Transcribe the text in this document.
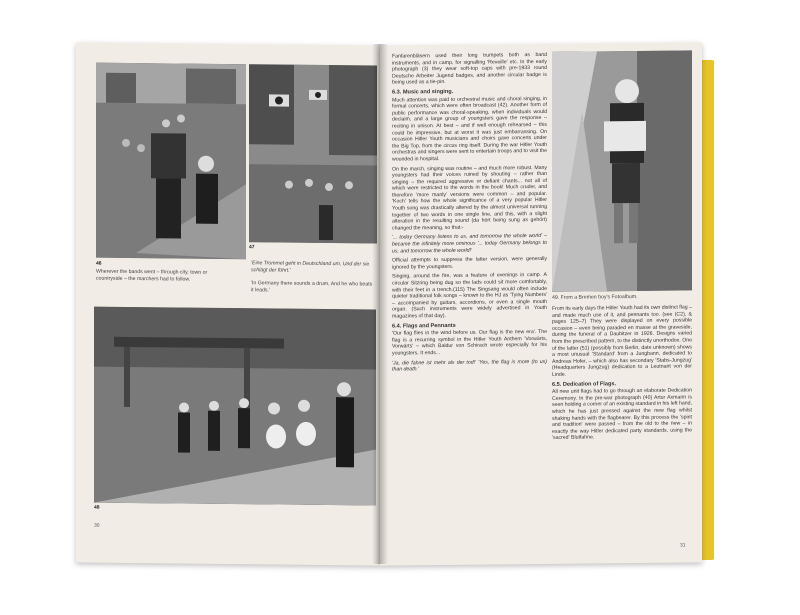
46
47
Wherever the bands went – through city, town or countryside – the marchers had to follow.
'Eine Trommel geht in Deutschland um, Und der sie schlägt der führt.'
'In Germany there sounds a drum, And he who beats it leads.'
48
30

Fanfarenbläsern used their long trumpets both as band instruments, and in camp, for signalling 'Reveille' etc. In the early photograph (3) they wear soft-top caps with pre-1933 round Deutsche Arbeiter Jugend badges, and another circular badge is being used as a tie-pin.

6.3. Music and singing.

Much attention was paid to orchestral music and choral singing, in formal concerts, which were often broadcast (42). Another form of public performance was choral-speaking, when individuals would declaim, and a large group of youngsters gave the response – reciting in unison. At best – and if well enough rehearsed – this could be impressive, but at worst it was just embarrassing. On occasion Hitler Youth musicians and choirs gave concerts under the Big Top, from the circus ring itself. During the war Hitler Youth orchestras and singers were sent to entertain troops and to visit the wounded in hospital.

On the march, singing was routine – and much more robust. Many youngsters had their voices ruined by shouting – rather than singing – the required aggressive or defiant chants... not all of which were restricted to the words in the book! Much cruder, and therefore 'more manly' versions were common – and popular. 'Koch' tells how the whole significance of a very popular Hitler Youth song was drastically altered by the almost universal running together of two words in one single line, and this, with a slight alteration in the resulting sound (da hört being sung as gehört) changed the meaning, so that:-

'... today Germany listens to us, and tomorrow the whole world' – became the infinitely more ominous '... today Germany belongs to us, and tomorrow the whole world!'

Official attempts to suppress the latter version, were generally ignored by the youngsters.

Singing, around the fire, was a feature of evenings in camp. A circular Sitzring being dug so the lads could sit more comfortably, with their feet in a trench.(115) The Singsang would often include quieter traditional folk songs – known to the HJ as 'Tying Numbers' – accompanied by guitars, accordions, or even a single mouth organ. (Such instruments were widely advertised in Youth magazines of that day).

6.4. Flags and Pennants

'Our flag flies in the wind before us. Our flag is the new era'. The flag is a recurring symbol in the Hitler Youth Anthem 'Vorwärts, Vorwärts' – which Baldur von Schirach wrote especially for his youngsters. It ends...

'Ja, die fahne ist mehr als der tod!' 'Yes, the flag is more (to us) than death.'

49. From a Bremen boy's Fotoalbum.

From its early days the Hitler Youth had its own distinct flag – and made much use of it, and pennants too. (see (C2), & pages 125–7) They were displayed on every possible occasion – even being paraded en masse at the graveside, during the funeral of a Daubitzer in 1926. Designs varied from the prescribed pattern, to the distinctly unorthodox. One of the latter (51) (possibly from Berlin, date unknown) shows a most unusual 'Standard' from a Jungbann, dedicated to Andreas Hofer, – which also has secondary 'Stabs-Jungzug' (Headquarters Jungzug) dedication to a Leutnant von der Linde.

6.5. Dedication of Flags.

All new unit flags had to go through an elaborate Dedication Ceremony. In the pre-war photograph (40) Artur Axmann is seen holding a corner of an existing standard in his left hand, which he has just pressed against the new flag whilst shaking hands with the flagbearer. By this process the 'spirit and tradition' were passed – from the old to the new – in exactly the way Hitler dedicated party standards, using the 'sacred' Blutfahne.

31
